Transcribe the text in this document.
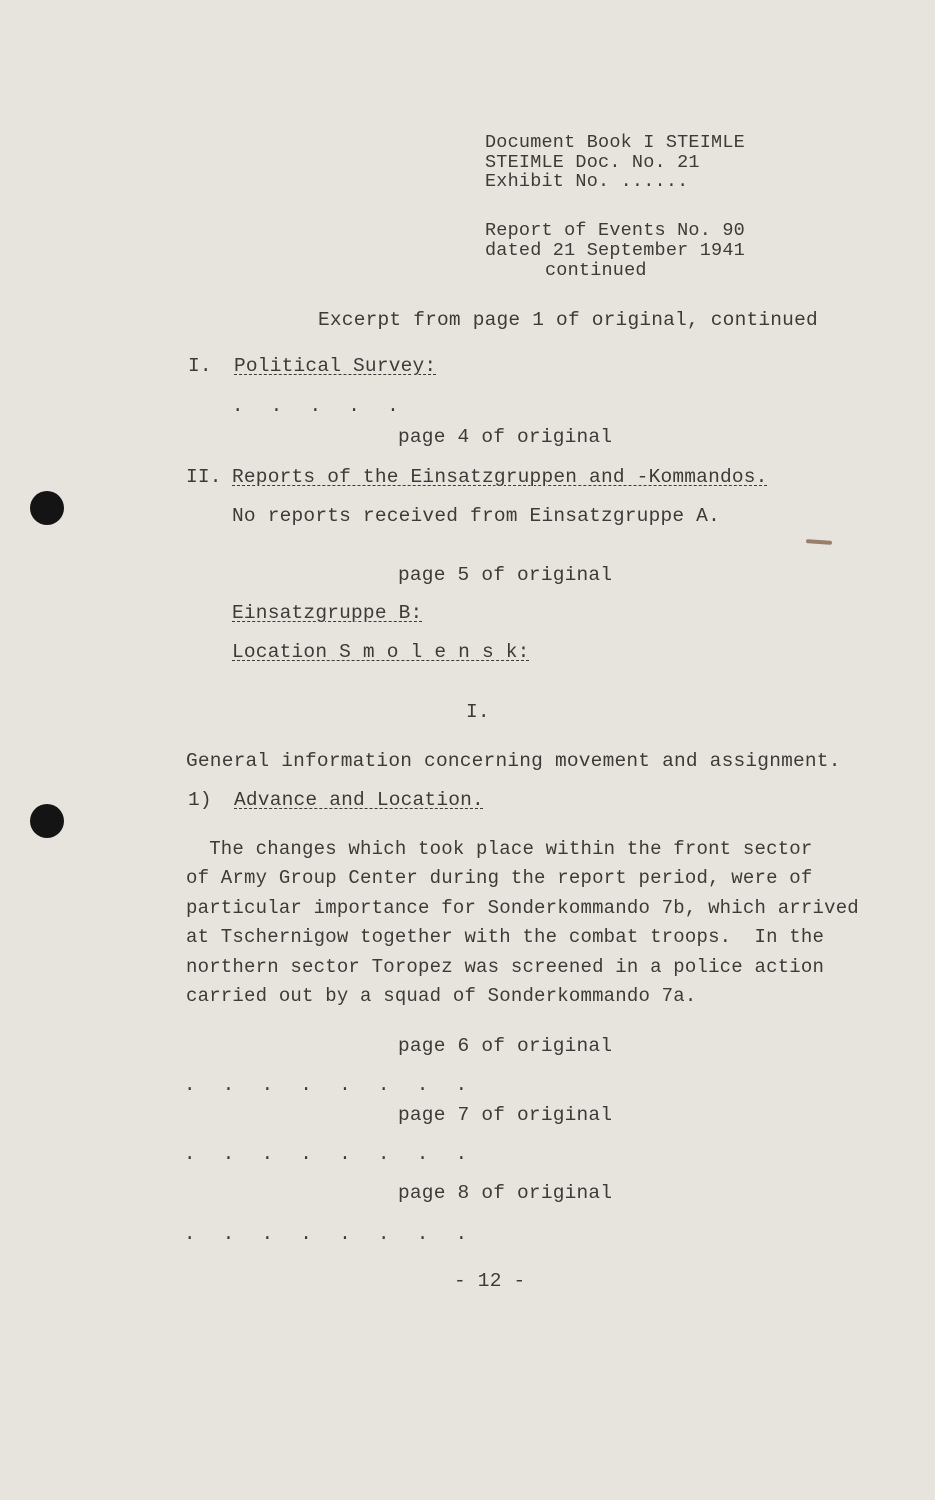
Document Book I STEIMLE
STEIMLE Doc. No. 21
Exhibit No. ......
Report of Events No. 90
dated 21 September 1941
continued
Excerpt from page 1 of original, continued
I. Political Survey:
. . . . .
page 4 of original
II. Reports of the Einsatzgruppen and -Kommandos.
No reports received from Einsatzgruppe A.
page 5 of original
Einsatzgruppe B:
Location S m o l e n s k:
I.
General information concerning movement and assignment.
1) Advance and Location.
The changes which took place within the front sector
of Army Group Center during the report period, were of
particular importance for Sonderkommando 7b, which arrived
at Tschernigow together with the combat troops.  In the
northern sector Toropez was screened in a police action
carried out by a squad of Sonderkommando 7a.
page 6 of original
. . . . . . . .
page 7 of original
. . . . . . . .
page 8 of original
. . . . . . . .
- 12 -
